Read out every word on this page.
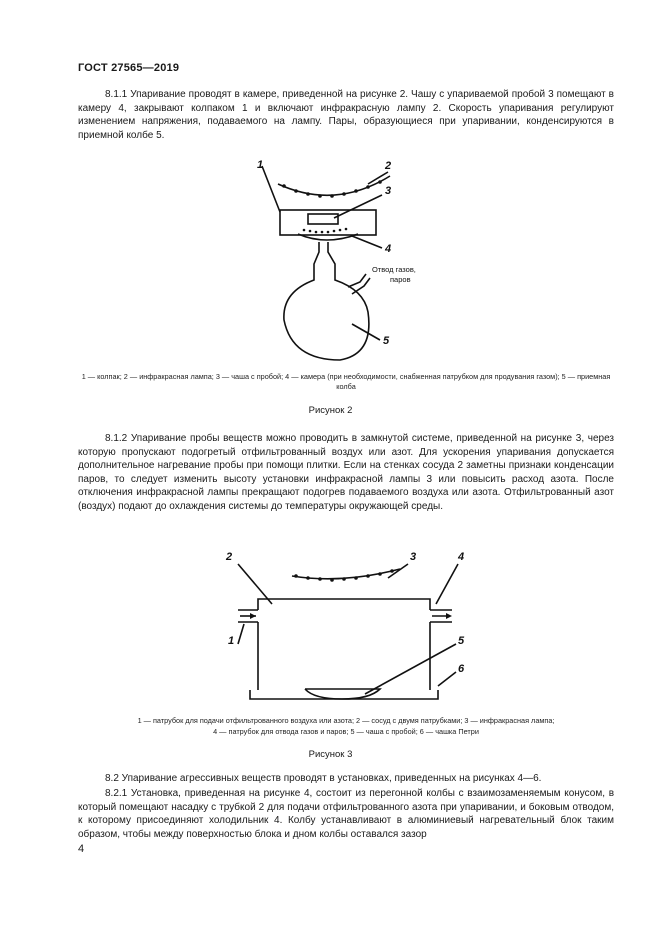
ГОСТ 27565—2019

8.1.1 Упаривание проводят в камере, приведенной на рисунке 2. Чашу с упариваемой пробой 3 помещают в камеру 4, закрывают колпаком 1 и включают инфракрасную лампу 2. Скорость упаривания регулируют изменением напряжения, подаваемого на лампу. Пары, образующиеся при упаривании, конденсируются в приемной колбе 5.

1	2
3
4
5
Отвод газов,
паров
1 — колпак; 2 — инфракрасная лампа; 3 — чаша с пробой; 4 — камера (при необходимости, снабженная патрубком для продувания газом); 5 — приемная колба
Рисунок 2

8.1.2 Упаривание пробы веществ можно проводить в замкнутой системе, приведенной на рисунке 3, через которую пропускают подогретый отфильтрованный воздух или азот. Для ускорения упаривания допускается дополнительное нагревание пробы при помощи плитки. Если на стенках сосуда 2 заметны признаки конденсации паров, то следует изменить высоту установки инфракрасной лампы 3 или повысить расход азота. После отключения инфракрасной лампы прекращают подогрев подаваемого воздуха или азота. Отфильтрованный азот (воздух) подают до охлаждения системы до температуры окружающей среды.

2	3	4
1	5
6
1 — патрубок для подачи отфильтрованного воздуха или азота; 2 — сосуд с двумя патрубками; 3 — инфракрасная лампа;
4 — патрубок для отвода газов и паров; 5 — чаша с пробой; 6 — чашка Петри
Рисунок 3

8.2 Упаривание агрессивных веществ проводят в установках, приведенных на рисунках 4—6.

8.2.1 Установка, приведенная на рисунке 4, состоит из перегонной колбы с взаимозаменяемым конусом, в который помещают насадку с трубкой 2 для подачи отфильтрованного азота при упаривании, и боковым отводом, к которому присоединяют холодильник 4. Колбу устанавливают в алюминиевый нагревательный блок таким образом, чтобы между поверхностью блока и дном колбы оставался зазор

4
